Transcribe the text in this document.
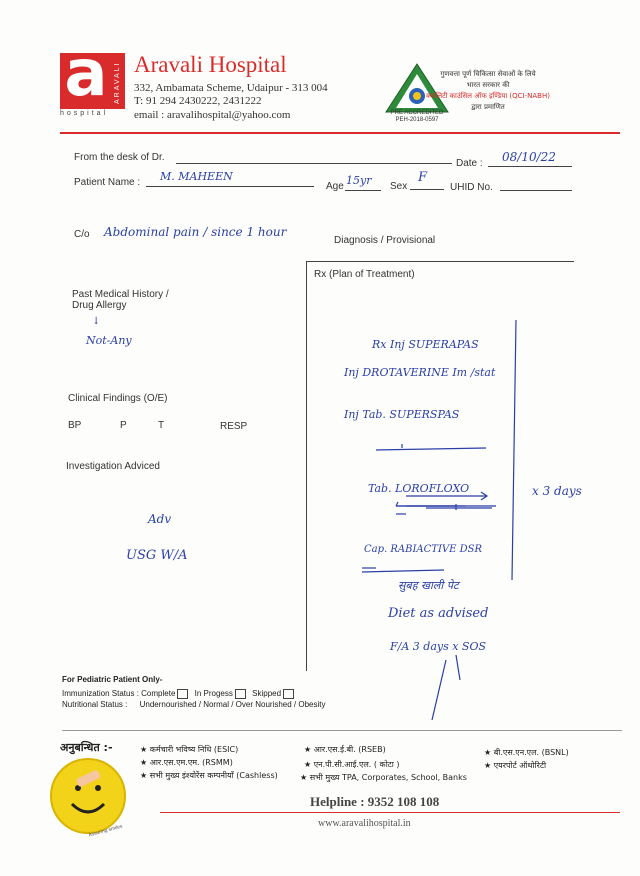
a ARAVALI
hospital
Aravali Hospital
332, Ambamata Scheme, Udaipur - 313 004
T: 91 294 2430222, 2431222
email : aravalihospital@yahoo.com	PRE ACCREDITED
PEH-2018-0597
गुणवत्ता पूर्ण चिकित्सा सेवाओं के लिये
भारत सरकार की
क्वालिटी काउंसिल ऑफ इण्डिया (QCI-NABH)
द्वारा प्रमाणित
From the desk of Dr.
Date : 08/10/22
Patient Name : M. MAHEEN
Age 15yr Sex
F
UHID No.
C/o Abdominal pain / since 1 hour
Diagnosis / Provisional
Rx (Plan of Treatment)
Past Medical History /
Drug Allergy
↓
Not-Any
Clinical Findings (O/E)
BP	P	T	RESP
Investigation Adviced
Adv
USG W/A
Rx Inj SUPERAPAS
Inj DROTAVERINE Im /stat
Inj Tab. SUPERSPAS
Tab. LOROFLOXO	x 3 days
Cap. RABIACTIVE DSR
सुबह खाली पेट
Diet as advised
F/A 3 days x SOS
For Pediatric Patient Only-
Immunization Status : Complete In Progess Skipped
Nutritional Status : Undernourished / Normal / Over Nourished / Obesity
अनुबन्धित :-	★ कर्मचारी भविष्य निधि (ESIC)	★ आर.एस.ई.बी. (RSEB)	★ बी.एस.एन.एल. (BSNL)
★ आर.एस.एम.एम. (RSMM)	★ एन.पी.सी.आई.एल. ( कोटा )	★ एयरपोर्ट ऑथोरिटी
★ सभी मुख्य इंश्योरेंस कम्पनीयाँ (Cashless)	★ सभी मुख्य TPA, Corporates, School, Banks
Assuring smiles
Helpline : 9352 108 108
www.aravalihospital.in
